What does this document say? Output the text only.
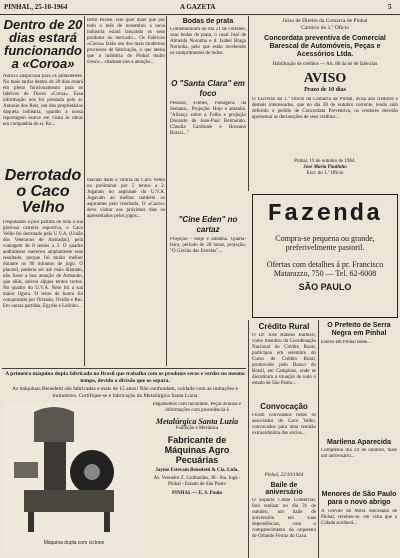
PINHAL, 25-10-1964	A GAZETA	5
Dentro de 20 dias estará funcionando a «Coroa»
Notícia auspiciosa para os pinhalenses. No mais tardar dentro de 20 dias estará em pleno funcionamento para os fabricos de Doces «Coroa». Essa informação nos foi prestada pelo sr. Antonio dos Reis, um dos proprietários daquela indústria, quando a nossa reportagem esteve em visita às obras em companhia do sr. Ro...
Derrotado o Caco Velho
Disputando a pior partida de toda a sua gloriosa carreira esportiva, o Caco Velho foi derrotado pelo U.V.A. (União dos Veteranos de Andradas), pela contagem de 8 tentos a 3. O quadro andradense mereceu amplamente esse resultado, porque foi muito melhor durante os 90 minutos de jogo. O placard, poderia ser até mais dilatado, não fosse a boa atuação de Armando, que aliás, salvou alguns tentos certos. No quadro do U.V.A. Nelo foi a sua maior figura. O tento de honra foi conquistado por Orlando, Ovidio e Rui. Em outras partidas, Egydio e Lelinho...
berto Pavesi. Isto quer dizer que por todo o mês de novembro a nova indústria estará lançando os seus produtos no mercado... Os Fabricos «Coroa» farão uso dos mais modernos processos de fabricação, o que atesta que a indústria de Pinhal muito cresce... chamam-nos a atenção...
lhavam dado a vitória do Caco Velho na preliminar por 5 tentos a 2. Jogaram no aspirante do U.V.A. Jogavam ao melhor também os aspirantes pelo resultado. O «Cacos» deve visitar nos próximos dias os apresentados pelos jogos...
Bodas de prata
Comemoraram no dia 21 de corrente, suas bodas de prata, o casal José de Almeida Noronha e d. Isabel Braga Noronha, pelo que estão recebendo os cumprimentos de todos.
O "Santa Clara" em foco
Pessoas, Filmes, Paisagens da Semana... Projeção: Hoje e amanhã. "Aliança sobre a Folha e projeção Dourado de Jean-Paul Belmondo, Claudia Cardinale e Rossano Brazzi..."
"Cine Eden" no cartaz
Projeção - Hoje e amanhã. Quarta-feira, período de 20 horas, projeção: "O Gavião das Estrelas"...
Juízo de Direito da Comarca de Pinhal
Cartório do 1.º Ofício
Concordata preventiva de Comercial Barescal de Automóveis, Peças e Acessórios Ltda.
Habilitação de créditos — Art. 88 da lei de falências
AVISO
Prazo de 10 dias
O Escrivão do 1.º Ofício da Comarca de Pinhal, avisa aos credores e demais interessados, que no dia 28 de outubro corrente, tendo sido deferido o pedido de Concordata Preventiva, os credores deverão apresentar as declarações de seus créditos...
Pinhal, 19 de outubro de 1964.
José Maria Paulinho
Escr. do 1.º Ofício
Fazenda
Compra-se pequena ou grande, preferivelmente pastoril.
Ofertas com detalhes à pr. Francisco Matarazzo, 750 — Tel. 62-6008
SÃO PAULO
A primeira máquina dupla fabricada no Brasil que trabalha com os produtos secos e verdes no mesmo tempo, devido a divisão que os separa.
As máquinas Benedetti são fabricadas e mais de 15 anos! Não confundam, cuidado com as imitações e imitadores. Certifique-se e fabricação da Metalúrgica Santa Luzia
Máquina dupla com ciclone
Pagamentos com facilidade. Peças avulsas e informações com procedência à
Metalúrgica Santa Luzia
Fundição e Mecânica
Fabricante de Máquinas Agro Pecuárias
Jayme Estevam Benedetti & Cia. Ltda.
Av. Vereador Z. Guimarães, 38 - Sta. Ingá - Pinhal - Estado de São Paulo
PINHAL — E. S. Paulo
Crédito Rural
O Dr. José Rubens Barbieri, como membro da Coordenação Nacional do Crédito Rural, participou em setembro do Curso de Crédito Rural, promovido pelo Banco do Brasil, em Campinas, onde se discutiram a situação de todo o estado de São Paulo...
Convocação
Ficam convidados todos os associados do Caco Velho, convocados para uma reunião extraordinária dos sócios...
Pinhal, 22/10/1964
Baile de aniversário
O Esporte Clube Comercial, fará realizar no dia 31 de outubro, um baile de aniversário em suas dependências, com o comparecimento da orquestra de Orlando Ferraz do Caxa.
O Prefeito de Serra Negra em Pinhal
Esteve em Pinhal deste...
Marilena Aparecida
Completou dia 24 de outubro, mais um aniversário...
Menores de São Paulo para o novo abrigo
A convite da Mitra diocesana de Pinhal, recebeu-se, em vista que a Cidade acolherá...
